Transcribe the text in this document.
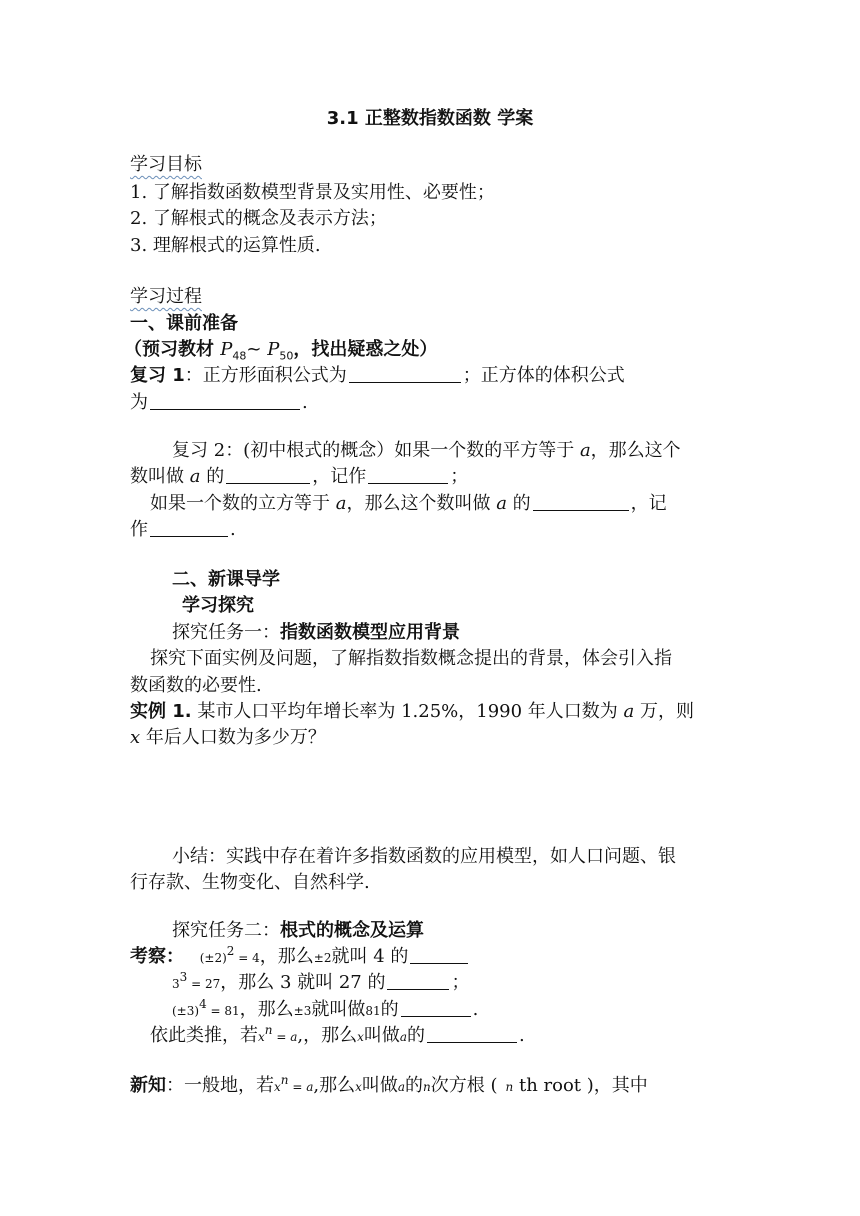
3.1 正整数指数函数 学案
学习目标
1. 了解指数函数模型背景及实用性、必要性；
2. 了解根式的概念及表示方法；
3. 理解根式的运算性质.
学习过程
一、课前准备
（预习教材 $P_{48}\sim$ $P_{50}$，找出疑惑之处）
复习 1：正方形面积公式为	；正方体的体积公式
为	.
复习 2：(初中根式的概念）如果一个数的平方等于 a，那么这个
数叫做 a 的	，记作	；
如果一个数的立方等于 a，那么这个数叫做 a 的	，记
作	.
二、新课导学
学习探究
探究任务一：指数函数模型应用背景
探究下面实例及问题，了解指数指数概念提出的背景，体会引入指
数函数的必要性.
实例 1. 某市人口平均年增长率为 1.25%，1990 年人口数为 a 万，则
x 年后人口数为多少万？
小结：实践中存在着许多指数函数的应用模型，如人口问题、银
行存款、生物变化、自然科学.
探究任务二：根式的概念及运算
考察： $(\pm 2)^2 = 4$，那么±2就叫 4 的
$3^3 = 27$，那么 3 就叫 27 的	；
$(\pm 3)^4 = 81$，那么±3就叫做81的	.
依此类推，若$x^n = a$,，那么x叫做a的	.
新知：一般地，若$x^n = a$,那么x叫做a的n次方根 ( n th root )，其中
